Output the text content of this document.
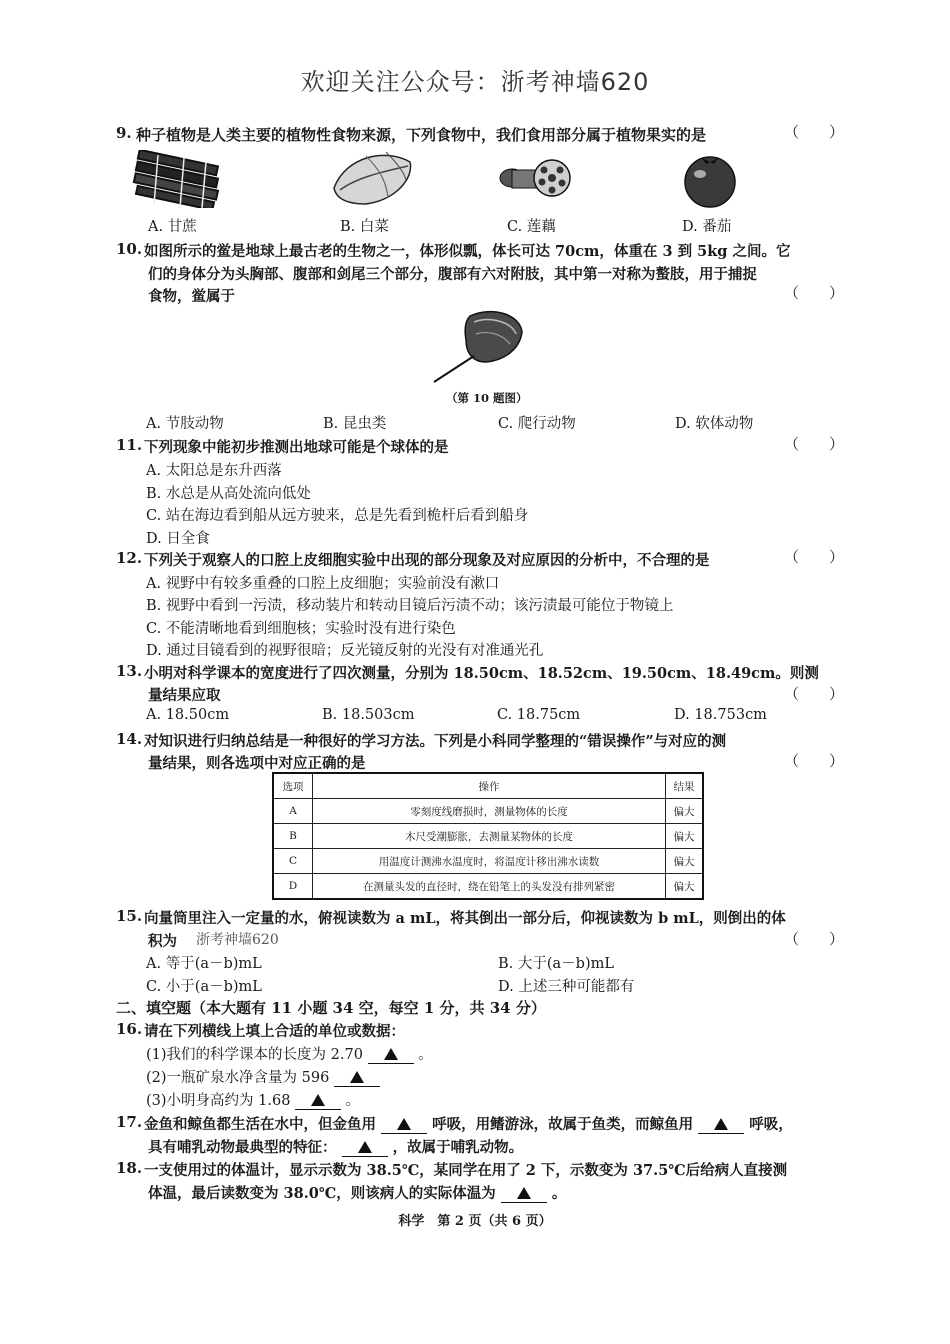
欢迎关注公众号：浙考神墙620
9. 种子植物是人类主要的植物性食物来源，下列食物中，我们食用部分属于植物果实的是	（　　）
A. 甘蔗	B. 白菜	C. 莲藕	D. 番茄
10. 如图所示的鲎是地球上最古老的生物之一，体形似瓢，体长可达 70cm，体重在 3 到 5kg 之间。它
们的身体分为头胸部、腹部和剑尾三个部分，腹部有六对附肢，其中第一对称为螯肢，用于捕捉
食物，鲎属于	（　　）
（第 10 题图）
A. 节肢动物	B. 昆虫类	C. 爬行动物	D. 软体动物
11. 下列现象中能初步推测出地球可能是个球体的是	（　　）
A. 太阳总是东升西落
B. 水总是从高处流向低处
C. 站在海边看到船从远方驶来，总是先看到桅杆后看到船身
D. 日全食
12. 下列关于观察人的口腔上皮细胞实验中出现的部分现象及对应原因的分析中，不合理的是	（　　）
A. 视野中有较多重叠的口腔上皮细胞；实验前没有漱口
B. 视野中看到一污渍，移动装片和转动目镜后污渍不动；该污渍最可能位于物镜上
C. 不能清晰地看到细胞核；实验时没有进行染色
D. 通过目镜看到的视野很暗；反光镜反射的光没有对准通光孔
13. 小明对科学课本的宽度进行了四次测量，分别为 18.50cm、18.52cm、19.50cm、18.49cm。则测
量结果应取	（　　）
A. 18.50cm	B. 18.503cm	C. 18.75cm	D. 18.753cm
14. 对知识进行归纳总结是一种很好的学习方法。下列是小科同学整理的“错误操作”与对应的测
量结果，则各选项中对应正确的是	（　　）
选项	操作	结果
A	零刻度线磨损时，测量物体的长度	偏大
B	木尺受潮膨胀，去测量某物体的长度	偏大
C	用温度计测沸水温度时，将温度计移出沸水读数	偏大
D	在测量头发的直径时，绕在铅笔上的头发没有排列紧密	偏大
15. 向量筒里注入一定量的水，俯视读数为 a mL，将其倒出一部分后，仰视读数为 b mL，则倒出的体
积为 浙考神墙620	（　　）
A. 等于(a－b)mL	B. 大于(a－b)mL
C. 小于(a－b)mL	D. 上述三种可能都有
二、填空题（本大题有 11 小题 34 空，每空 1 分，共 34 分）
16. 请在下列横线上填上合适的单位或数据：
(1)我们的科学课本的长度为 2.70	。
(2)一瓶矿泉水净含量为 596
(3)小明身高约为 1.68	。
17. 金鱼和鲸鱼都生活在水中，但金鱼用	呼吸，用鳍游泳，故属于鱼类，而鲸鱼用	呼吸，
具有哺乳动物最典型的特征：	，故属于哺乳动物。
18. 一支使用过的体温计，显示示数为 38.5℃，某同学在用了 2 下，示数变为 37.5℃后给病人直接测
体温，最后读数变为 38.0℃，则该病人的实际体温为	。
科学　第 2 页（共 6 页）
